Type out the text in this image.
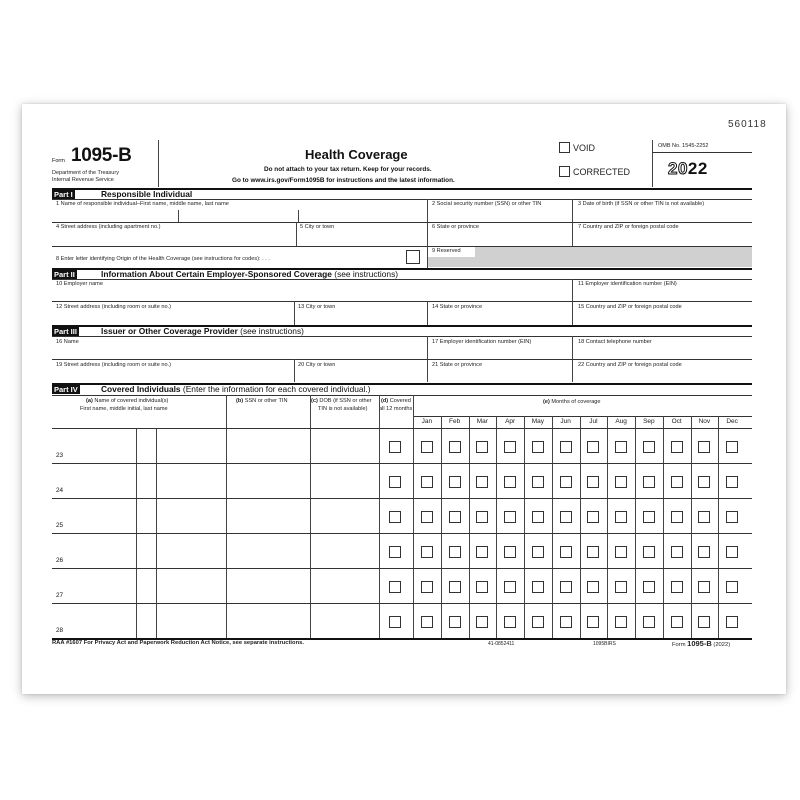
560118
Form 1095-B
Department of the Treasury
Internal Revenue Service
Health Coverage
Do not attach to your tax return. Keep for your records.
Go to www.irs.gov/Form1095B for instructions and the latest information.
VOID
CORRECTED
OMB No. 1545-2252
2022
Part I	Responsible Individual
1 Name of responsible individual–First name, middle name, last name	2 Social security number (SSN) or other TIN	3 Date of birth (if SSN or other TIN is not available)
4 Street address (including apartment no.)	5 City or town	6 State or province	7 Country and ZIP or foreign postal code
8 Enter letter identifying Origin of the Health Coverage (see instructions for codes): . . .
9 Reserved
Part II	Information About Certain Employer-Sponsored Coverage (see instructions)
10 Employer name	11 Employer identification number (EIN)
12 Street address (including room or suite no.)	13 City or town	14 State or province	15 Country and ZIP or foreign postal code
Part III	Issuer or Other Coverage Provider (see instructions)
16 Name	17 Employer identification number (EIN)	18 Contact telephone number
19 Street address (including room or suite no.)	20 City or town	21 State or province	22 Country and ZIP or foreign postal code
Part IV	Covered Individuals (Enter the information for each covered individual.)
(a) Name of covered individual(s)
First name, middle initial, last name
(b) SSN or other TIN	(c) DOB (if SSN or other
TIN is not available)
(d) Covered
all 12 months
(e) Months of coverage
RAA #1607 For Privacy Act and Paperwork Reduction Act Notice, see separate instructions.	41-0852411	1095BIRS	Form 1095-B (2022)
Jan	Feb	Mar	Apr	May	Jun	Jul	Aug	Sep	Oct	Nov	Dec
23
24
25
26
27
28
